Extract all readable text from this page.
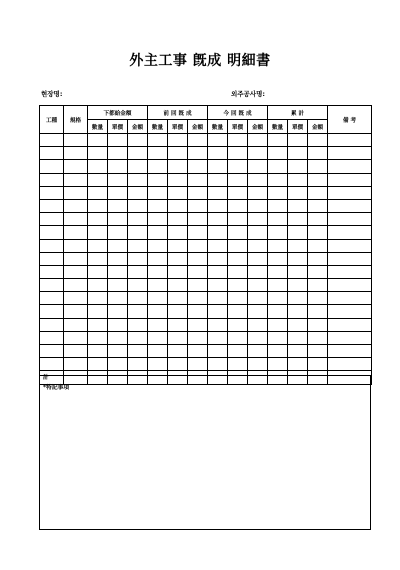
外主工事 旣成 明細書
현장명:	외주공사명:
工種	規格	下都給金額			前 回 旣 成			今 回 旣 成			累 計			備 考
		數量	單價	金額	數量	單價	金額	數量	單價	金額	數量	單價	金額	

計														
*特記事項
